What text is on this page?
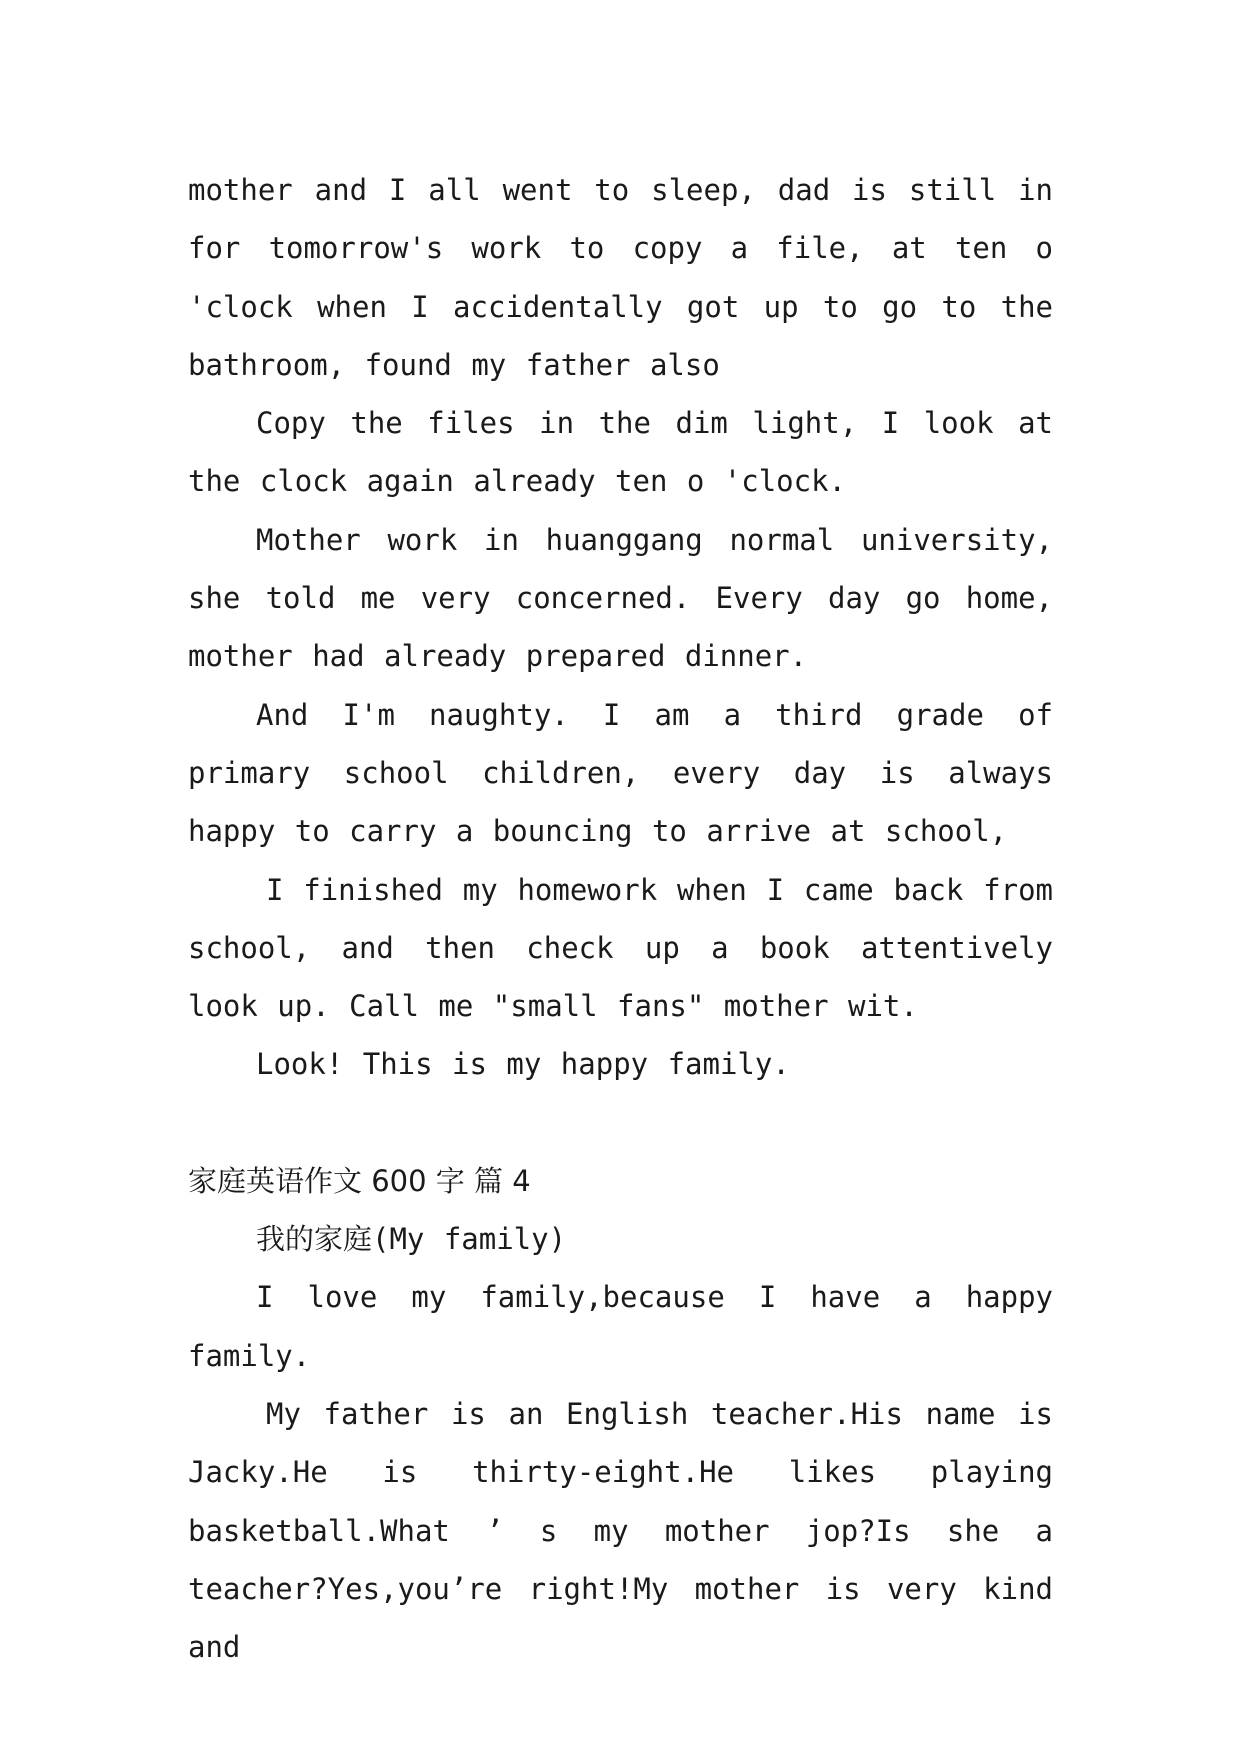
mother and I all went to sleep, dad is still in for tomorrow's work to copy a file, at ten o 'clock when I accidentally got up to go to the bathroom, found my father also

Copy the files in the dim light, I look at the clock again already ten o 'clock.

Mother work in huanggang normal university, she told me very concerned. Every day go home, mother had already prepared dinner.

And I'm naughty. I am a third grade of primary school children, every day is always happy to carry a bouncing to arrive at school,

I finished my homework when I came back from school, and then check up a book attentively look up. Call me "small fans" mother wit.

Look! This is my happy family.

家庭英语作文 600 字 篇 4

我的家庭(My family)

I love my family,because I have a happy family.

My father is an English teacher.His name is Jacky.He is thirty-eight.He likes playing basketball.What ’ s my mother jop?Is she a teacher?Yes,you’re right!My mother is very kind and
